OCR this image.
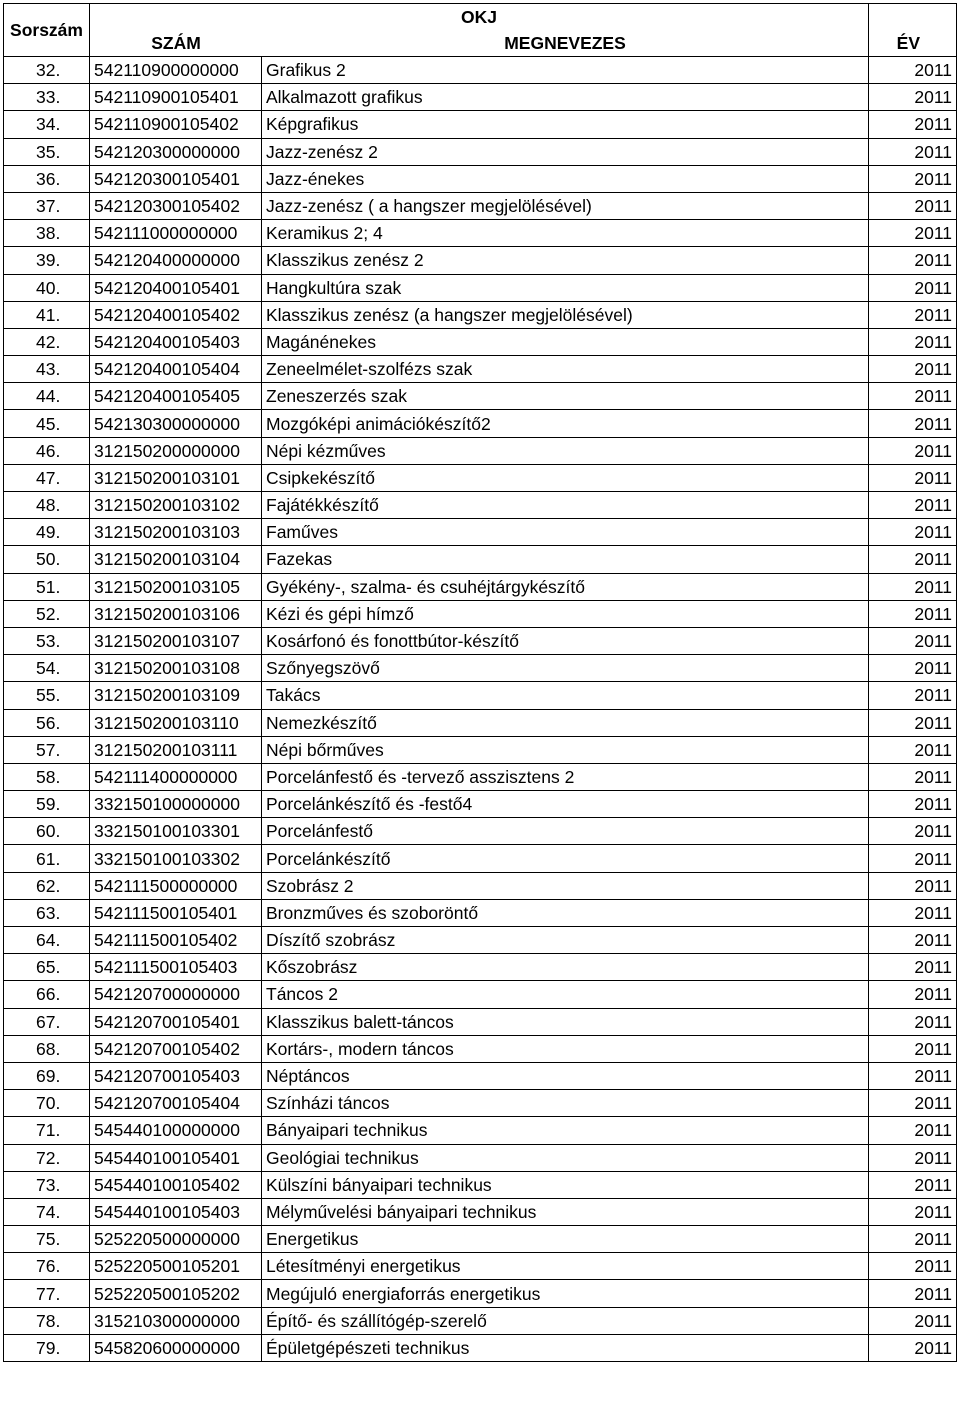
Sorszám	OKJ
SZÁM MEGNEVEZES		ÉV
32.	542110900000000	Grafikus 2	2011
33.	542110900105401	Alkalmazott grafikus	2011
34.	542110900105402	Képgrafikus	2011
35.	542120300000000	Jazz-zenész 2	2011
36.	542120300105401	Jazz-énekes	2011
37.	542120300105402	Jazz-zenész ( a hangszer megjelölésével)	2011
38.	542111000000000	Keramikus 2; 4	2011
39.	542120400000000	Klasszikus zenész 2	2011
40.	542120400105401	Hangkultúra szak	2011
41.	542120400105402	Klasszikus zenész (a hangszer megjelölésével)	2011
42.	542120400105403	Magánénekes	2011
43.	542120400105404	Zeneelmélet-szolfézs szak	2011
44.	542120400105405	Zeneszerzés szak	2011
45.	542130300000000	Mozgóképi animációkészítő2	2011
46.	312150200000000	Népi kézműves	2011
47.	312150200103101	Csipkekészítő	2011
48.	312150200103102	Fajátékkészítő	2011
49.	312150200103103	Faműves	2011
50.	312150200103104	Fazekas	2011
51.	312150200103105	Gyékény-, szalma- és csuhéjtárgykészítő	2011
52.	312150200103106	Kézi és gépi hímző	2011
53.	312150200103107	Kosárfonó és fonottbútor-készítő	2011
54.	312150200103108	Szőnyegszövő	2011
55.	312150200103109	Takács	2011
56.	312150200103110	Nemezkészítő	2011
57.	312150200103111	Népi bőrműves	2011
58.	542111400000000	Porcelánfestő és -tervező asszisztens 2	2011
59.	332150100000000	Porcelánkészítő és -festő4	2011
60.	332150100103301	Porcelánfestő	2011
61.	332150100103302	Porcelánkészítő	2011
62.	542111500000000	Szobrász 2	2011
63.	542111500105401	Bronzműves és szoboröntő	2011
64.	542111500105402	Díszítő szobrász	2011
65.	542111500105403	Kőszobrász	2011
66.	542120700000000	Táncos 2	2011
67.	542120700105401	Klasszikus balett-táncos	2011
68.	542120700105402	Kortárs-, modern táncos	2011
69.	542120700105403	Néptáncos	2011
70.	542120700105404	Színházi táncos	2011
71.	545440100000000	Bányaipari technikus	2011
72.	545440100105401	Geológiai technikus	2011
73.	545440100105402	Külszíni bányaipari technikus	2011
74.	545440100105403	Mélyművelési bányaipari technikus	2011
75.	525220500000000	Energetikus	2011
76.	525220500105201	Létesítményi energetikus	2011
77.	525220500105202	Megújuló energiaforrás energetikus	2011
78.	315210300000000	Építő- és szállítógép-szerelő	2011
79.	545820600000000	Épületgépészeti technikus	2011
